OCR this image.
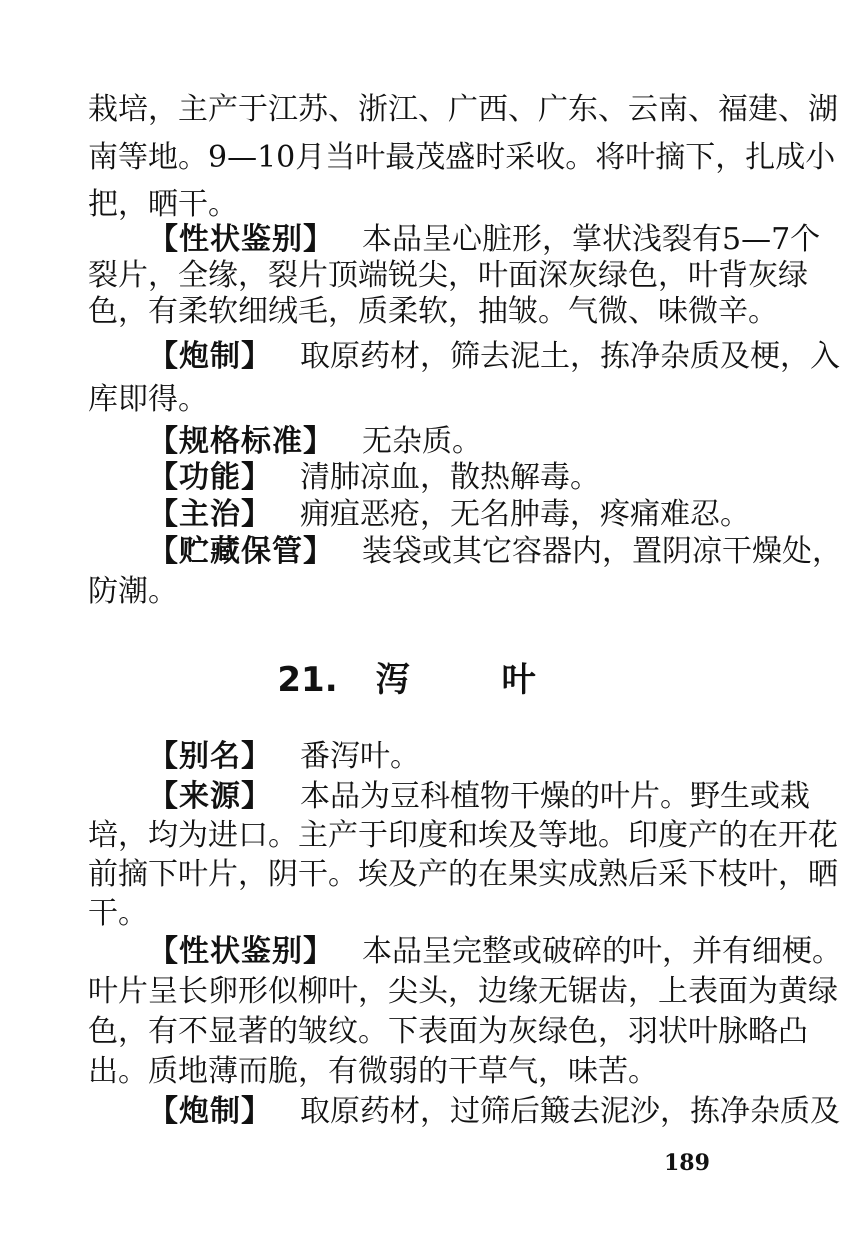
栽培，主产于江苏、浙江、广西、广东、云南、福建、湖
南等地。9—10月当叶最茂盛时采收。将叶摘下，扎成小
把，晒干。
【性状鉴别】 本品呈心脏形，掌状浅裂有5—7个
裂片，全缘，裂片顶端锐尖，叶面深灰绿色，叶背灰绿
色，有柔软细绒毛，质柔软，抽皱。气微、味微辛。
【炮制】 取原药材，筛去泥土，拣净杂质及梗，入
库即得。
【规格标准】 无杂质。
【功能】 清肺凉血，散热解毒。
【主治】 痈疽恶疮，无名肿毒，疼痛难忍。
【贮藏保管】 装袋或其它容器内，置阴凉干燥处，
防潮。
21. 泻	叶
【别名】 番泻叶。
【来源】 本品为豆科植物干燥的叶片。野生或栽
培，均为进口。主产于印度和埃及等地。印度产的在开花
前摘下叶片，阴干。埃及产的在果实成熟后采下枝叶，晒
干。
【性状鉴别】 本品呈完整或破碎的叶，并有细梗。
叶片呈长卵形似柳叶，尖头，边缘无锯齿，上表面为黄绿
色，有不显著的皱纹。下表面为灰绿色，羽状叶脉略凸
出。质地薄而脆，有微弱的干草气，味苦。
【炮制】 取原药材，过筛后簸去泥沙，拣净杂质及
189
